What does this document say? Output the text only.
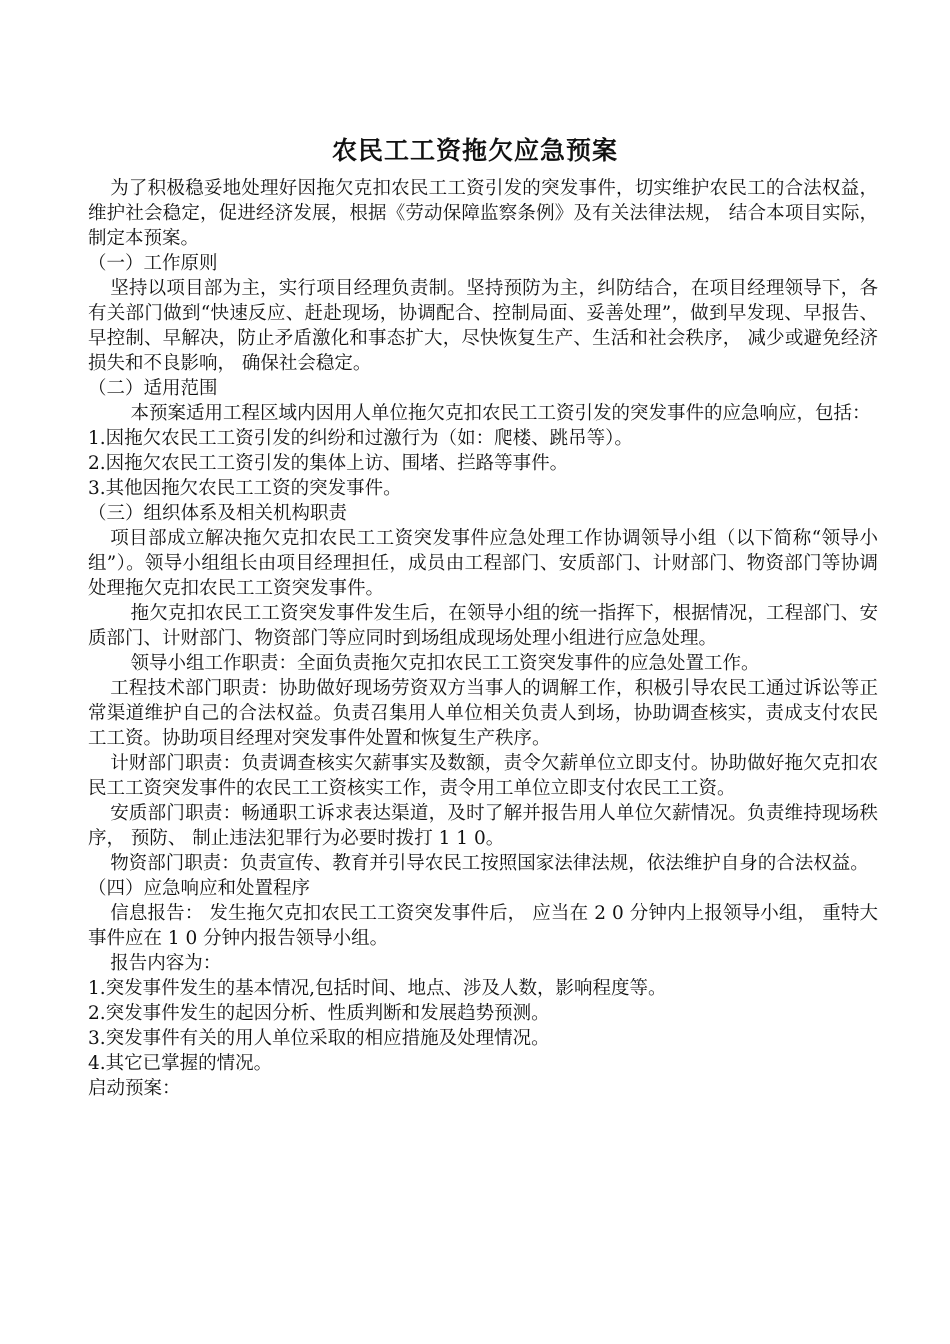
农民工工资拖欠应急预案

为了积极稳妥地处理好因拖欠克扣农民工工资引发的突发事件，切实维护农民工的合法权益，维护社会稳定，促进经济发展，根据《劳动保障监察条例》及有关法律法规， 结合本项目实际，制定本预案。

（一）工作原则

坚持以项目部为主，实行项目经理负责制。坚持预防为主，纠防结合，在项目经理领导下，各有关部门做到“快速反应、赶赴现场，协调配合、控制局面、妥善处理”，做到早发现、早报告、早控制、早解决，防止矛盾激化和事态扩大，尽快恢复生产、生活和社会秩序， 减少或避免经济损失和不良影响， 确保社会稳定。

（二）适用范围

本预案适用工程区域内因用人单位拖欠克扣农民工工资引发的突发事件的应急响应，包括：

1.因拖欠农民工工资引发的纠纷和过激行为（如：爬楼、跳吊等）。

2.因拖欠农民工工资引发的集体上访、围堵、拦路等事件。

3.其他因拖欠农民工工资的突发事件。

（三）组织体系及相关机构职责

项目部成立解决拖欠克扣农民工工资突发事件应急处理工作协调领导小组（以下简称“领导小组”）。领导小组组长由项目经理担任，成员由工程部门、安质部门、计财部门、物资部门等协调处理拖欠克扣农民工工资突发事件。

拖欠克扣农民工工资突发事件发生后，在领导小组的统一指挥下，根据情况，工程部门、安质部门、计财部门、物资部门等应同时到场组成现场处理小组进行应急处理。

领导小组工作职责：全面负责拖欠克扣农民工工资突发事件的应急处置工作。

工程技术部门职责：协助做好现场劳资双方当事人的调解工作，积极引导农民工通过诉讼等正常渠道维护自己的合法权益。负责召集用人单位相关负责人到场，协助调查核实，责成支付农民工工资。协助项目经理对突发事件处置和恢复生产秩序。

计财部门职责：负责调查核实欠薪事实及数额，责令欠薪单位立即支付。协助做好拖欠克扣农民工工资突发事件的农民工工资核实工作，责令用工单位立即支付农民工工资。

安质部门职责：畅通职工诉求表达渠道，及时了解并报告用人单位欠薪情况。负责维持现场秩序， 预防、 制止违法犯罪行为必要时拨打 1 1 0。

物资部门职责：负责宣传、教育并引导农民工按照国家法律法规，依法维护自身的合法权益。

（四）应急响应和处置程序

信息报告： 发生拖欠克扣农民工工资突发事件后， 应当在 2 0 分钟内上报领导小组， 重特大事件应在 1 0 分钟内报告领导小组。

报告内容为：

1.突发事件发生的基本情况,包括时间、地点、涉及人数，影响程度等。

2.突发事件发生的起因分析、性质判断和发展趋势预测。

3.突发事件有关的用人单位采取的相应措施及处理情况。

4.其它已掌握的情况。

启动预案：
